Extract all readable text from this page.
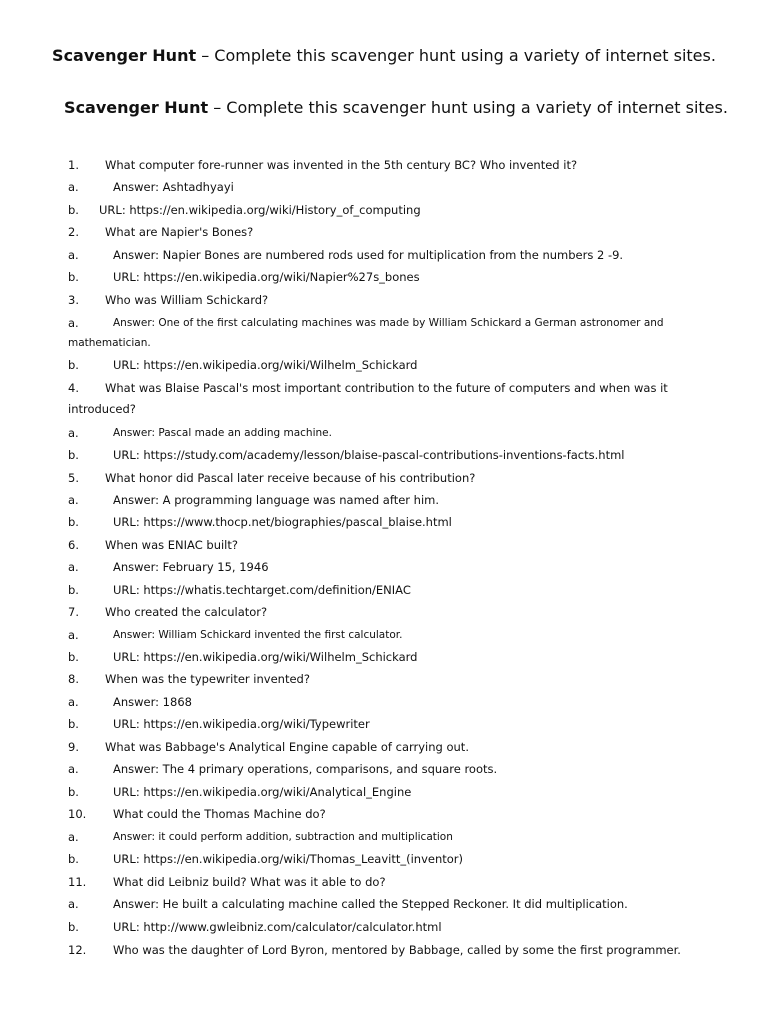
Scavenger Hunt – Complete this scavenger hunt using a variety of internet sites.
Scavenger Hunt – Complete this scavenger hunt using a variety of internet sites.
1. What computer fore-runner was invented in the 5th century BC? Who invented it?
a.	Answer: Ashtadhyayi
b. URL: https://en.wikipedia.org/wiki/History_of_computing
2. What are Napier's Bones?
a.	Answer: Napier Bones are numbered rods used for multiplication from the numbers 2 -9.
b.	URL: https://en.wikipedia.org/wiki/Napier%27s_bones
3. Who was William Schickard?
a.	Answer: One of the first calculating machines was made by William Schickard a German astronomer and
mathematician.
b.	URL: https://en.wikipedia.org/wiki/Wilhelm_Schickard
4. What was Blaise Pascal's most important contribution to the future of computers and when was it
introduced?
a.	Answer: Pascal made an adding machine.
b.	URL: https://study.com/academy/lesson/blaise-pascal-contributions-inventions-facts.html
5. What honor did Pascal later receive because of his contribution?
a.	Answer: A programming language was named after him.
b.	URL: https://www.thocp.net/biographies/pascal_blaise.html
6. When was ENIAC built?
a.	Answer: February 15, 1946
b.	URL: https://whatis.techtarget.com/definition/ENIAC
7. Who created the calculator?
a.	Answer: William Schickard invented the first calculator.
b.	URL: https://en.wikipedia.org/wiki/Wilhelm_Schickard
8. When was the typewriter invented?
a.	Answer: 1868
b.	URL: https://en.wikipedia.org/wiki/Typewriter
9. What was Babbage's Analytical Engine capable of carrying out.
a.	Answer: The 4 primary operations, comparisons, and square roots.
b.	URL: https://en.wikipedia.org/wiki/Analytical_Engine
10. What could the Thomas Machine do?
a.	Answer: it could perform addition, subtraction and multiplication
b.	URL: https://en.wikipedia.org/wiki/Thomas_Leavitt_(inventor)
11. What did Leibniz build? What was it able to do?
a.	Answer: He built a calculating machine called the Stepped Reckoner. It did multiplication.
b.	URL: http://www.gwleibniz.com/calculator/calculator.html
12. Who was the daughter of Lord Byron, mentored by Babbage, called by some the first programmer.
